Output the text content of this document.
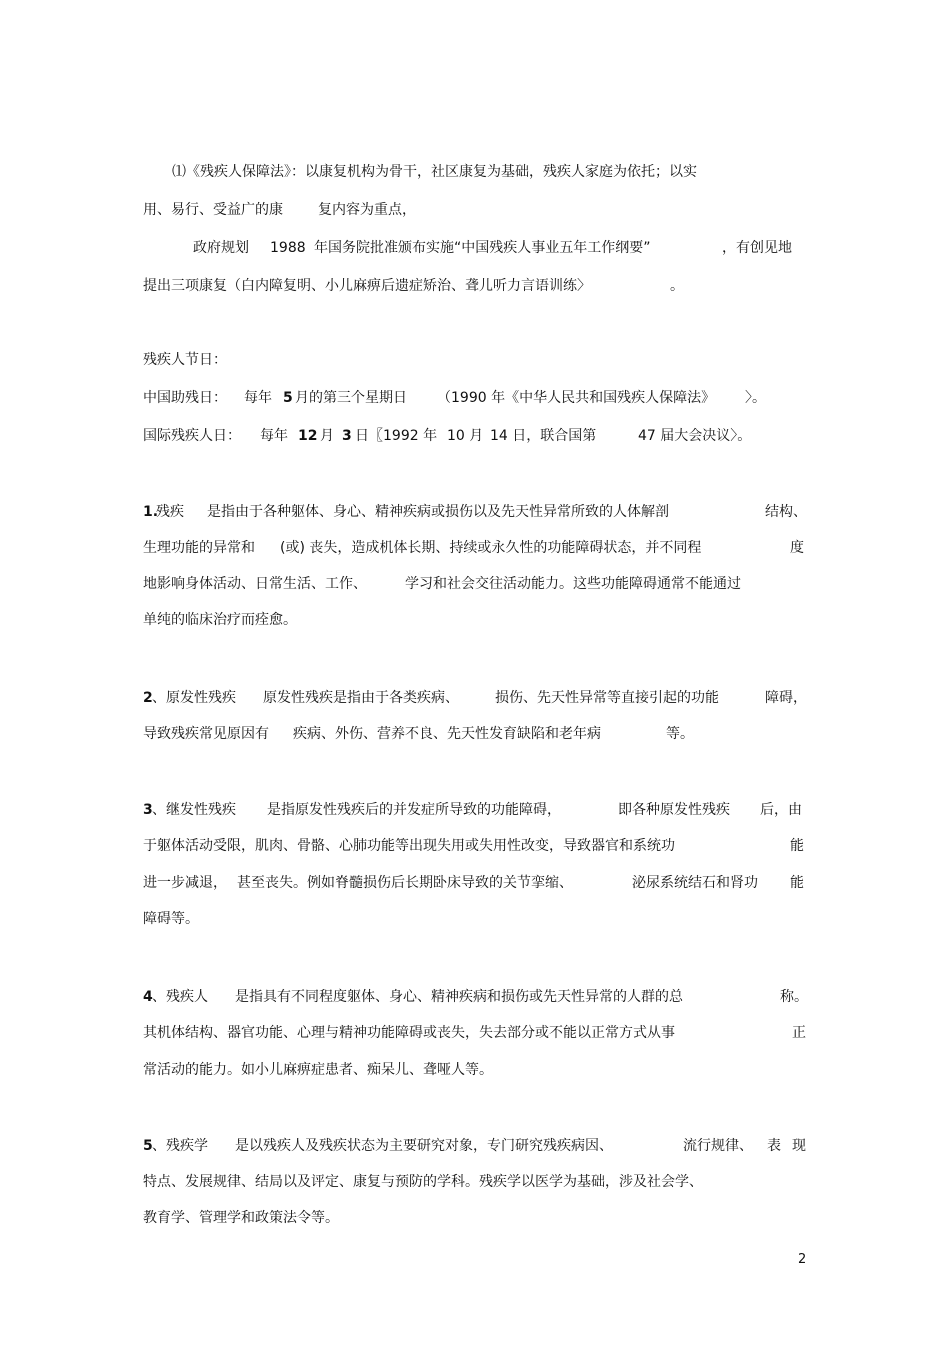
⑴《残疾人保障法》：以康复机构为骨干，社区康复为基础，残疾人家庭为依托；以实
用、易行、受益广的康	复内容为重点，
政府规划 1988 年国务院批准颁布实施“中国残疾人事业五年工作纲要”	，有创见地
提出三项康复（白内障复明、小儿麻痹后遗症矫治、聋儿听力言语训练〉	。
残疾人节日：
中国助残日： 每年 5 月的第三个星期日 （1990 年《中华人民共和国残疾人保障法》 〉。
国际残疾人日： 每年 12 月 3 日〖1992 年 10 月 14 日，联合国第	47 届大会决议〉。
1.
残疾 是指由于各种躯体、身心、精神疾病或损伤以及先天性异常所致的人体解剖	结构、
生理功能的异常和 (或) 丧失，造成机体长期、持续或永久性的功能障碍状态，并不同程	度
地影响身体活动、日常生活、工作、	学习和社会交往活动能力。这些功能障碍通常不能通过
单纯的临床治疗而痊愈。
2 、原发性残疾 原发性残疾是指由于各类疾病、	损伤、先天性异常等直接引起的功能	障碍，
导致残疾常见原因有 疾病、外伤、营养不良、先天性发育缺陷和老年病	等。
3 、继发性残疾 是指原发性残疾后的并发症所导致的功能障碍，	即各种原发性残疾 后，由
于躯体活动受限，肌肉、骨骼、心肺功能等出现失用或失用性改变，导致器官和系统功	能
进一步减退， 甚至丧失。例如脊髓损伤后长期卧床导致的关节挛缩、	泌尿系统结石和肾功 能
障碍等。
4 、残疾人 是指具有不同程度躯体、身心、精神疾病和损伤或先天性异常的人群的总	称。
其机体结构、器官功能、心理与精神功能障碍或丧失，失去部分或不能以正常方式从事	正
常活动的能力。如小儿麻痹症患者、痴呆儿、聋哑人等。
5 、残疾学 是以残疾人及残疾状态为主要研究对象，专门研究残疾病因、	流行规律、 表 现
特点、发展规律、结局以及评定、康复与预防的学科。残疾学以医学为基础，涉及社会学、
教育学、管理学和政策法令等。
2
